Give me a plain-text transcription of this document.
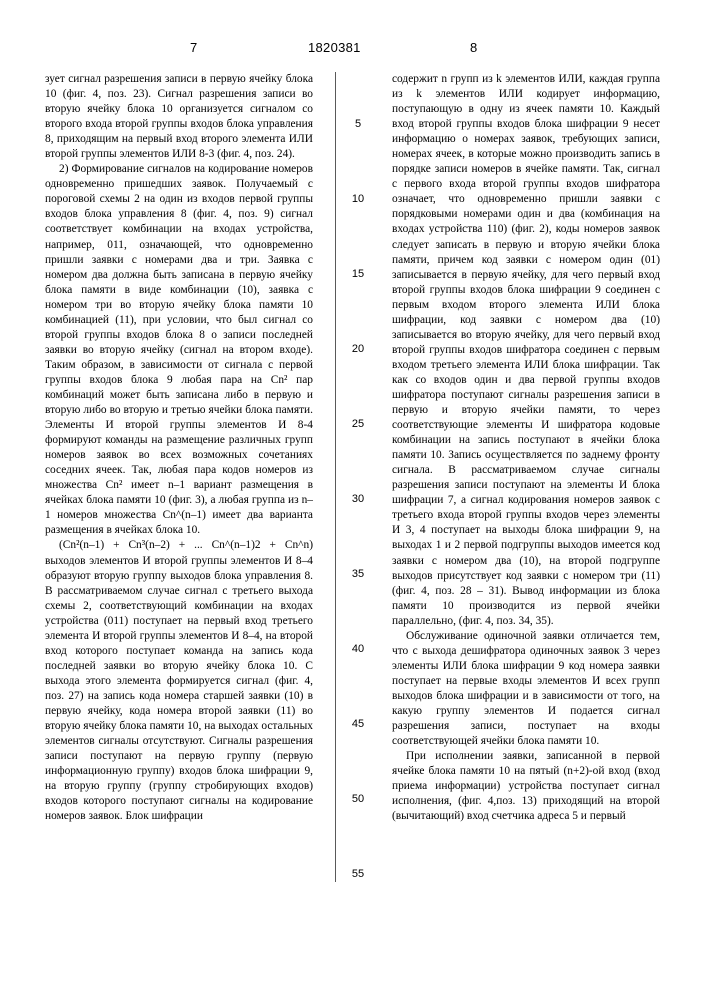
7	1820381	8
5
10
15
20
25
30
35
40
45
50
55

зует сигнал разрешения записи в первую ячейку блока 10 (фиг. 4, поз. 23). Сигнал разрешения записи во вторую ячейку блока 10 организуется сигналом со второго входа второй группы входов блока управления 8, приходящим на первый вход второго элемента ИЛИ второй группы элементов ИЛИ 8-3 (фиг. 4, поз. 24).

2) Формирование сигналов на кодирование номеров одновременно пришедших заявок. Получаемый с пороговой схемы 2 на один из входов первой группы входов блока управления 8 (фиг. 4, поз. 9) сигнал соответствует комбинации на входах устройства, например, 011, означающей, что одновременно пришли заявки с номерами два и три. Заявка с номером два должна быть записана в первую ячейку блока памяти в виде комбинации (10), заявка с номером три во вторую ячейку блока памяти 10 комбинацией (11), при условии, что был сигнал со второй группы входов блока 8 о записи последней заявки во вторую ячейку (сигнал на втором входе). Таким образом, в зависимости от сигнала с первой группы входов блока 9 любая пара на Сn² пар комбинаций может быть записана либо в первую и вторую либо во вторую и третью ячейки блока памяти. Элементы И второй группы элементов И 8-4 формируют команды на размещение различных групп номеров заявок во всех возможных сочетаниях соседних ячеек. Так, любая пара кодов номеров из множества Сn² имеет n–1 вариант размещения в ячейках блока памяти 10 (фиг. 3), а любая группа из n–1 номеров множества Сn^(n–1) имеет два варианта размещения в ячейках блока 10.

(Сn²(n–1) + Сn³(n–2) + ... Сn^(n–1)2 + Сn^n) выходов элементов И второй группы элементов И 8–4 образуют вторую группу выходов блока управления 8. В рассматриваемом случае сигнал с третьего выхода схемы 2, соответствующий комбинации на входах устройства (011) поступает на первый вход третьего элемента И второй группы элементов И 8–4, на второй вход которого поступает команда на запись кода последней заявки во вторую ячейку блока 10. С выхода этого элемента формируется сигнал (фиг. 4, поз. 27) на запись кода номера старшей заявки (10) в первую ячейку, кода номера второй заявки (11) во вторую ячейку блока памяти 10, на выходах остальных элементов сигналы отсутствуют. Сигналы разрешения записи поступают на первую группу (первую информационную группу) входов блока шифрации 9, на вторую группу (группу стробирующих входов) входов которого поступают сигналы на кодирование номеров заявок. Блок шифрации

содержит n групп из k элементов ИЛИ, каждая группа из k элементов ИЛИ кодирует информацию, поступающую в одну из ячеек памяти 10. Каждый вход второй группы входов блока шифрации 9 несет информацию о номерах заявок, требующих записи, номерах ячеек, в которые можно производить запись в порядке записи номеров в ячейке памяти. Так, сигнал с первого входа второй группы входов шифратора означает, что одновременно пришли заявки с порядковыми номерами один и два (комбинация на входах устройства 110) (фиг. 2), коды номеров заявок следует записать в первую и вторую ячейки блока памяти, причем код заявки с номером один (01) записывается в первую ячейку, для чего первый вход второй группы входов блока шифрации 9 соединен с первым входом второго элемента ИЛИ блока шифрации, код заявки с номером два (10) записывается во вторую ячейку, для чего первый вход второй группы входов шифратора соединен с первым входом третьего элемента ИЛИ блока шифрации. Так как со входов один и два первой группы входов шифратора поступают сигналы разрешения записи в первую и вторую ячейки памяти, то через соответствующие элементы И шифратора кодовые комбинации на запись поступают в ячейки блока памяти 10. Запись осуществляется по заднему фронту сигнала. В рассматриваемом случае сигналы разрешения записи поступают на элементы И блока шифрации 7, а сигнал кодирования номеров заявок с третьего входа второй группы входов через элементы И 3, 4 поступает на выходы блока шифрации 9, на выходах 1 и 2 первой подгруппы выходов имеется код заявки с номером два (10), на второй подгруппе выходов присутствует код заявки с номером три (11) (фиг. 4, поз. 28 – 31). Вывод информации из блока памяти 10 производится из первой ячейки параллельно, (фиг. 4, поз. 34, 35).

Обслуживание одиночной заявки отличается тем, что с выхода дешифратора одиночных заявок 3 через элементы ИЛИ блока шифрации 9 код номера заявки поступает на первые входы элементов И всех групп выходов блока шифрации и в зависимости от того, на какую группу элементов И подается сигнал разрешения записи, поступает на входы соответствующей ячейки блока памяти 10.

При исполнении заявки, записанной в первой ячейке блока памяти 10 на пятый (n+2)-ой вход (вход приема информации) устройства поступает сигнал исполнения, (фиг. 4,поз. 13) приходящий на второй (вычитающий) вход счетчика адреса 5 и первый
